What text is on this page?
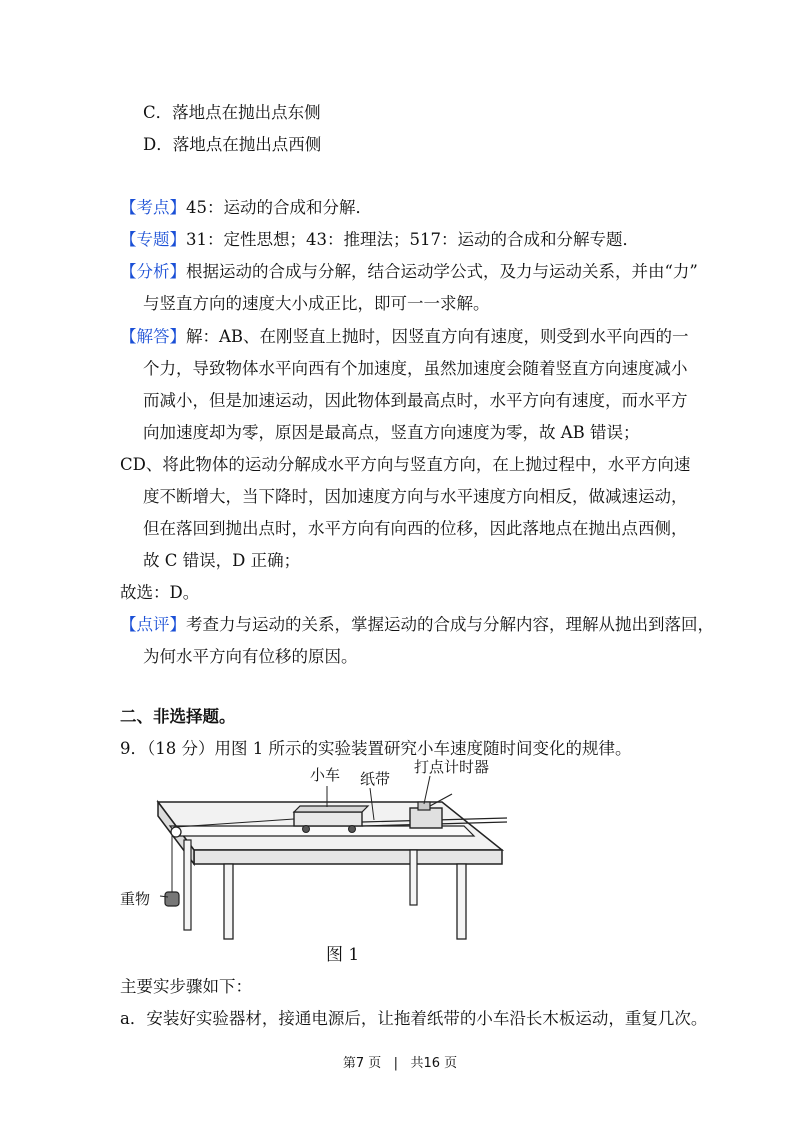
C．落地点在抛出点东侧
D．落地点在抛出点西侧
【考点】45：运动的合成和分解．
【专题】31：定性思想；43：推理法；517：运动的合成和分解专题．
【分析】根据运动的合成与分解，结合运动学公式，及力与运动关系，并由“力”
与竖直方向的速度大小成正比，即可一一求解。
【解答】解：AB、在刚竖直上抛时，因竖直方向有速度，则受到水平向西的一
个力，导致物体水平向西有个加速度，虽然加速度会随着竖直方向速度减小
而减小，但是加速运动，因此物体到最高点时，水平方向有速度，而水平方
向加速度却为零，原因是最高点，竖直方向速度为零，故 AB 错误；
CD、将此物体的运动分解成水平方向与竖直方向，在上抛过程中，水平方向速
度不断增大，当下降时，因加速度方向与水平速度方向相反，做减速运动，
但在落回到抛出点时，水平方向有向西的位移，因此落地点在抛出点西侧，
故 C 错误，D 正确；
故选：D。
【点评】考查力与运动的关系，掌握运动的合成与分解内容，理解从抛出到落回，
为何水平方向有位移的原因。
二、非选择题。
9．（18 分）用图 1 所示的实验装置研究小车速度随时间变化的规律。
小车 纸带
打点计时器
重物
图 1
主要实步骤如下：
a．安装好实验器材，接通电源后，让拖着纸带的小车沿长木板运动，重复几次。
第7 页 | 共16 页
